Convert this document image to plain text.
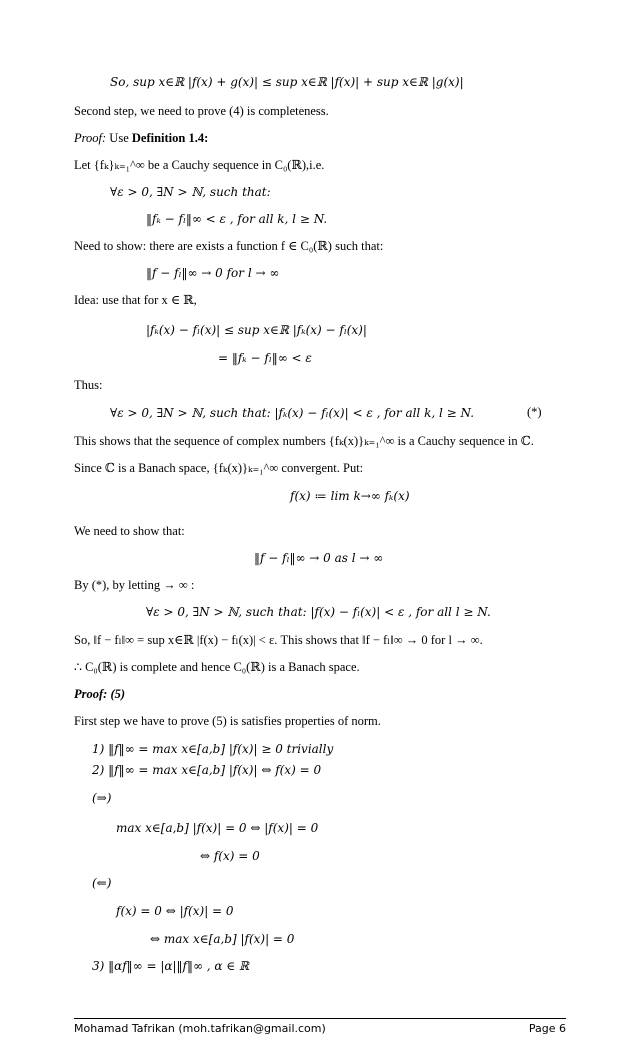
So, sup x∈ℝ |f(x) + g(x)| ≤ sup x∈ℝ |f(x)| + sup x∈ℝ |g(x)|
Second step, we need to prove (4) is completeness.
Proof: Use Definition 1.4:
Let {fₖ}ₖ₌₁^∞ be a Cauchy sequence in C₀(ℝ),i.e.
∀ε > 0, ∃N > ℕ, such that:
‖fₖ − fₗ‖∞ < ε , for all k, l ≥ N.
Need to show: there are exists a function f ∈ C₀(ℝ) such that:
‖f − fₗ‖∞ → 0 for l → ∞
Idea: use that for x ∈ ℝ,
|fₖ(x) − fₗ(x)| ≤ sup x∈ℝ |fₖ(x) − fₗ(x)|
= ‖fₖ − fₗ‖∞ < ε
Thus:
∀ε > 0, ∃N > ℕ, such that: |fₖ(x) − fₗ(x)| < ε , for all k, l ≥ N.	(*)
This shows that the sequence of complex numbers {fₖ(x)}ₖ₌₁^∞ is a Cauchy sequence in ℂ.
Since ℂ is a Banach space, {fₖ(x)}ₖ₌₁^∞ convergent. Put:
f(x) ≔ lim k→∞ fₖ(x)
We need to show that:
‖f − fₗ‖∞ → 0 as l → ∞
By (*), by letting → ∞ :
∀ε > 0, ∃N > ℕ, such that: |f(x) − fₗ(x)| < ε , for all l ≥ N.
So, ‖f − fₗ‖∞ = sup x∈ℝ |f(x) − fₗ(x)| < ε. This shows that ‖f − fₗ‖∞ → 0 for l → ∞.
∴ C₀(ℝ) is complete and hence C₀(ℝ) is a Banach space.
Proof: (5)
First step we have to prove (5) is satisfies properties of norm.
1) ‖f‖∞ = max x∈[a,b] |f(x)| ≥ 0 trivially
2) ‖f‖∞ = max x∈[a,b] |f(x)| ⇔ f(x) = 0
(⇒)
max x∈[a,b] |f(x)| = 0 ⇔ |f(x)| = 0
⇔ f(x) = 0
(⇐)
f(x) = 0 ⇔ |f(x)| = 0
⇔ max x∈[a,b] |f(x)| = 0
3) ‖αf‖∞ = |α|‖f‖∞ , α ∈ ℝ
Mohamad Tafrikan (moh.tafrikan@gmail.com)	Page 6
